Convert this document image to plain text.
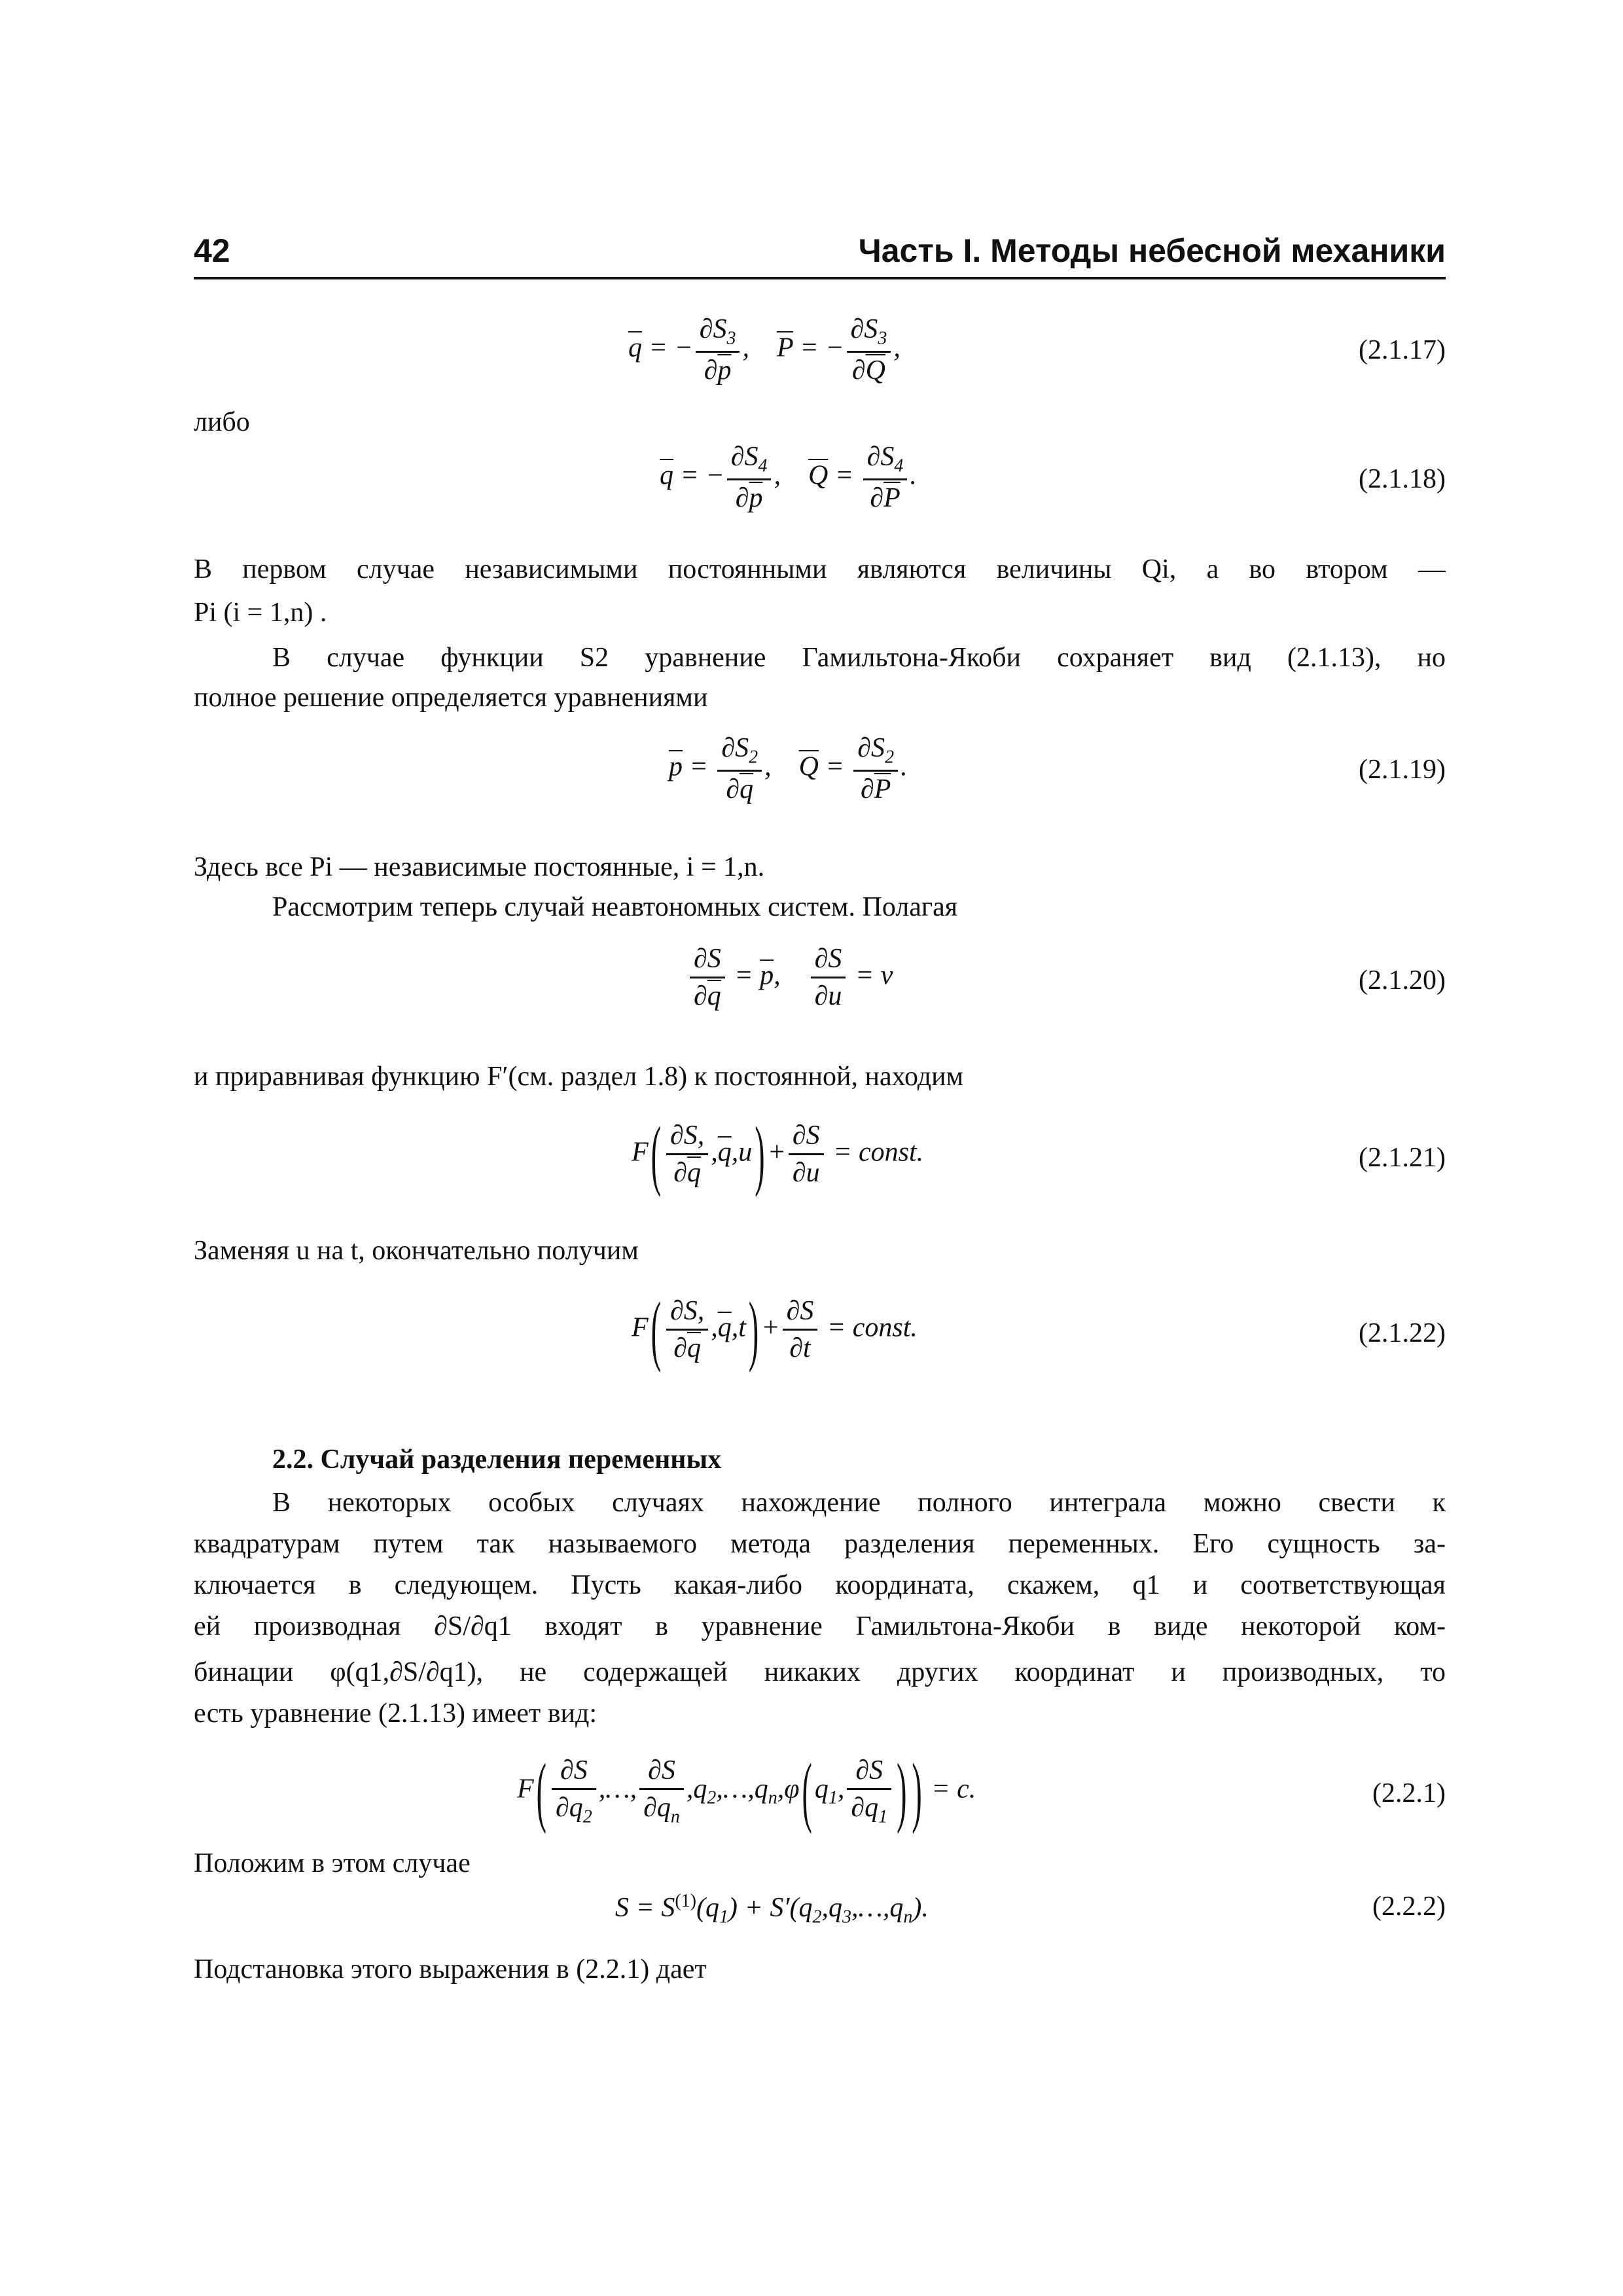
42	Часть I. Методы небесной механики
$\overline{q}$ = − $\frac{\partial S_3}{\partial\overline{p}}$ ,    $\overline{P}$ = − $\frac{\partial S_3}{\partial\overline{Q}}$ ,	(2.1.17)
либо
$\overline{q}$ = − $\frac{\partial S_4}{\partial\overline{p}}$ ,    $\overline{Q} = \frac{\partial S_4}{\partial\overline{P}}$ .	(2.1.18)
В первом случае независимыми постоянными являются величины Qi, а во втором —
Pi (i = 1,n) .
В случае функции S2 уравнение Гамильтона-Якоби сохраняет вид (2.1.13), но
полное решение определяется уравнениями
$\overline{p} = \frac{\partial S_2}{\partial\overline{q}}$ ,    $\overline{Q} = \frac{\partial S_2}{\partial\overline{P}}$ .	(2.1.19)
Здесь все Pi — независимые постоянные, i = 1,n.
Рассмотрим теперь случай неавтономных систем. Полагая
$\frac{\partial S}{\partial\overline{q}} = \overline{p}$, $\frac{\partial S}{\partial u} = v$	(2.1.20)
и приравнивая функцию F′(см. раздел 1.8) к постоянной, находим
$F( \frac{\partial S,}{\partial\overline{q}} ,\overline{q},u)+ \frac{\partial S}{\partial u}$ = const.	(2.1.21)
Заменяя u на t, окончательно получим
$F( \frac{\partial S,}{\partial\overline{q}} ,\overline{q},t)+ \frac{\partial S}{\partial t}$ = const.	(2.1.22)
2.2. Случай разделения переменных
В некоторых особых случаях нахождение полного интеграла можно свести к
квадратурам путем так называемого метода разделения переменных. Его сущность за-
ключается в следующем. Пусть какая-либо координата, скажем, q1 и соответствующая
ей производная ∂S/∂q1 входят в уравнение Гамильтона-Якоби в виде некоторой ком-
бинации φ(q1,∂S/∂q1), не содержащей никаких других координат и производных, то
есть уравнение (2.1.13) имеет вид:
$F( \frac{\partial S}{\partial q_2}$ ,…, $\frac{\partial S}{\partial q_n}$ $,q_2,\dots,q_n,\varphi(q_1$, $\frac{\partial S}{\partial q_1}$ ) ) = c.	(2.2.1)
Положим в этом случае
$S = S^{(1)}(q_1)$ + $S'(q_2,q_3,\dots,q_n)$.	(2.2.2)
Подстановка этого выражения в (2.2.1) дает
